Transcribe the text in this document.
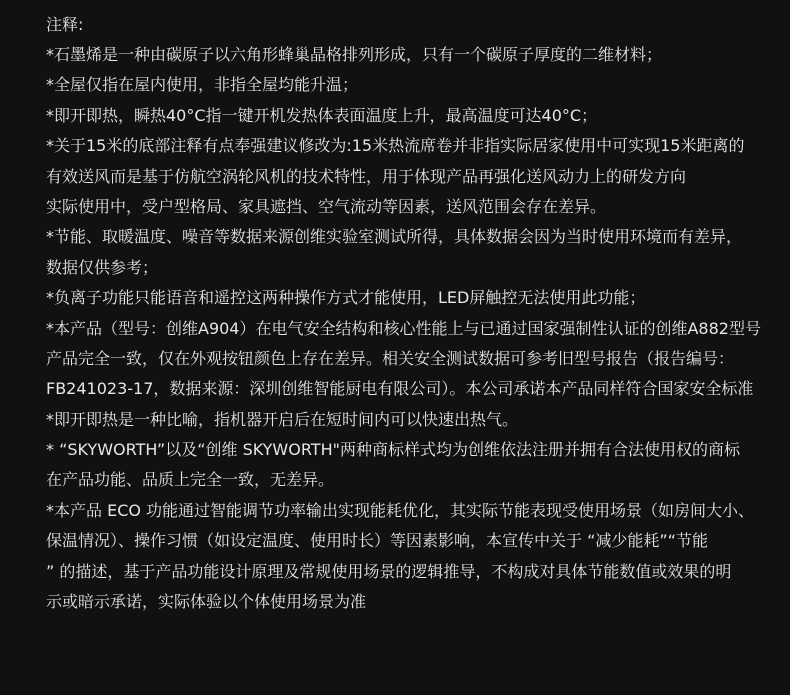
注释:
*石墨烯是一种由碳原子以六角形蜂巢晶格排列形成，只有一个碳原子厚度的二维材料；
*全屋仅指在屋内使用，非指全屋均能升温；
*即开即热，瞬热40°C指一键开机发热体表面温度上升，最高温度可达40°C；
*关于15米的底部注释有点奉强建议修改为:15米热流席卷并非指实际居家使用中可实现15米距离的
有效送风而是基于仿航空涡轮风机的技术特性，用于体现产品再强化送风动力上的研发方向
实际使用中，受户型格局、家具遮挡、空气流动等因素，送风范围会存在差异。
*节能、取暖温度、噪音等数据来源创维实验室测试所得，具体数据会因为当时使用环境而有差异，
数据仅供参考；
*负离子功能只能语音和遥控这两种操作方式才能使用，LED屏触控无法使用此功能；
*本产品（型号：创维A904）在电气安全结构和核心性能上与已通过国家强制性认证的创维A882型号
产品完全一致，仅在外观按钮颜色上存在差异。相关安全测试数据可参考旧型号报告（报告编号：
FB241023-17，数据来源：深圳创维智能厨电有限公司）。本公司承诺本产品同样符合国家安全标准
*即开即热是一种比喻，指机器开启后在短时间内可以快速出热气。
* “SKYWORTH”以及“创维 SKYWORTH"两种商标样式均为创维依法注册并拥有合法使用权的商标
在产品功能、品质上完全一致，无差异。
*本产品 ECO 功能通过智能调节功率输出实现能耗优化，其实际节能表现受使用场景（如房间大小、
保温情况）、操作习惯（如设定温度、使用时长）等因素影响，本宣传中关于 “减少能耗”“节能
” 的描述，基于产品功能设计原理及常规使用场景的逻辑推导，不构成对具体节能数值或效果的明
示或暗示承诺，实际体验以个体使用场景为准
